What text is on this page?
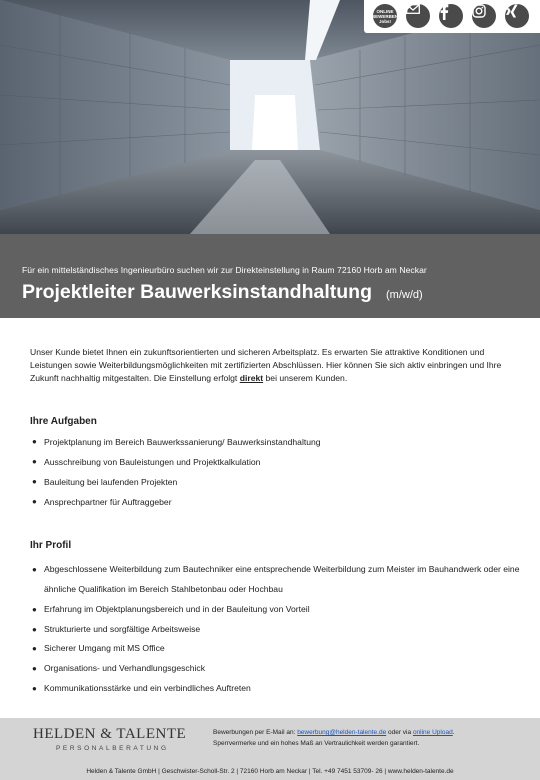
ONLINE
BEWERBEN
Jobs!
Für ein mittelständisches Ingenieurbüro suchen wir zur Direkteinstellung in Raum 72160 Horb am Neckar
Projektleiter Bauwerksinstandhaltung (m/w/d)
Unser Kunde bietet Ihnen ein zukunftsorientierten und sicheren Arbeitsplatz. Es erwarten Sie attraktive Konditionen und Leistungen sowie Weiterbildungsmöglichkeiten mit zertifizierten Abschlüssen. Hier können Sie sich aktiv einbringen und Ihre Zukunft nachhaltig mitgestalten. Die Einstellung erfolgt direkt bei unserem Kunden.
Ihre Aufgaben
● Projektplanung im Bereich Bauwerkssanierung/ Bauwerksinstandhaltung
● Ausschreibung von Bauleistungen und Projektkalkulation
● Bauleitung bei laufenden Projekten
● Ansprechpartner für Auftraggeber
Ihr Profil
● Abgeschlossene Weiterbildung zum Bautechniker eine entsprechende Weiterbildung zum Meister im Bauhandwerk oder eine ähnliche Qualifikation im Bereich Stahlbetonbau oder Hochbau
● Erfahrung im Objektplanungsbereich und in der Bauleitung von Vorteil
● Strukturierte und sorgfältige Arbeitsweise
● Sicherer Umgang mit MS Office
● Organisations- und Verhandlungsgeschick
● Kommunikationsstärke und ein verbindliches Auftreten
HELDEN & TALENTE
PERSONALBERATUNG
Bewerbungen per E-Mail an: bewerbung@helden-talente.de oder via online Upload.
Sperrvermerke und ein hohes Maß an Vertraulichkeit werden garantiert.
Helden & Talente GmbH | Geschwister-Scholl-Str. 2 | 72160 Horb am Neckar | Tel. +49 7451 53709- 26 | www.helden-talente.de
